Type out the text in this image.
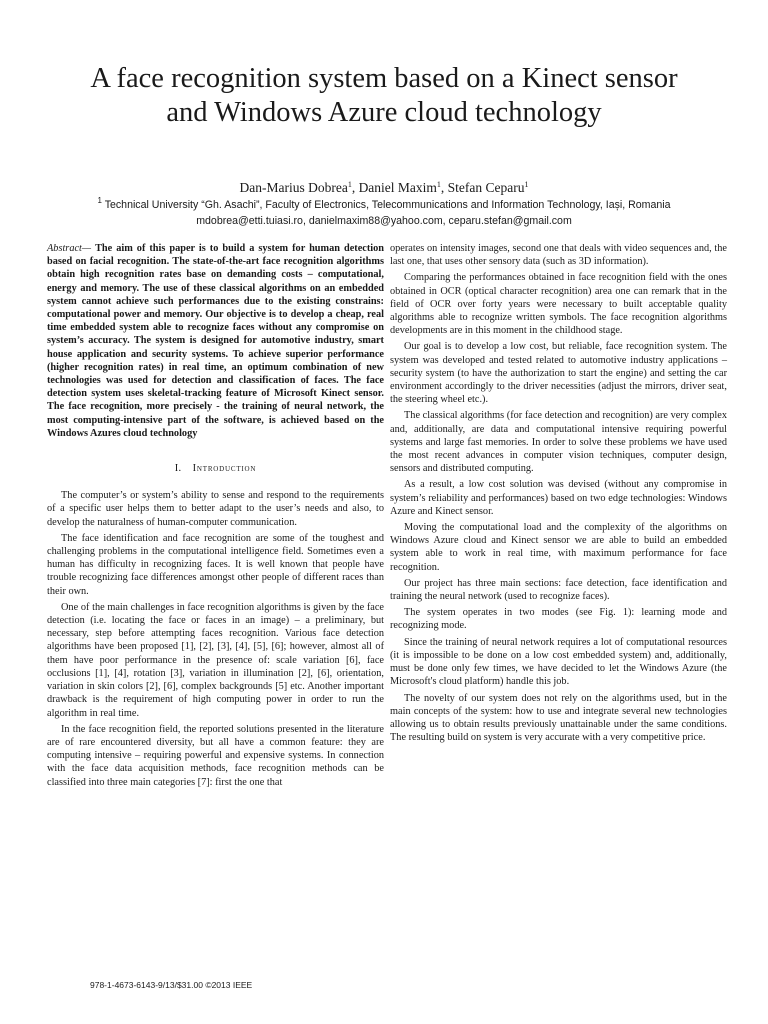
A face recognition system based on a Kinect sensor
and Windows Azure cloud technology
Dan-Marius Dobrea$^1$, Daniel Maxim$^1$, Stefan Ceparu$^1$
$^1$ Technical University “Gh. Asachi”, Faculty of Electronics, Telecommunications and Information Technology, Iași, Romania
mdobrea@etti.tuiasi.ro, danielmaxim88@yahoo.com, ceparu.stefan@gmail.com

Abstract— The aim of this paper is to build a system for human detection based on facial recognition. The state-of-the-art face recognition algorithms obtain high recognition rates base on demanding costs – computational, energy and memory. The use of these classical algorithms on an embedded system cannot achieve such performances due to the existing constrains: computational power and memory. Our objective is to develop a cheap, real time embedded system able to recognize faces without any compromise on system’s accuracy. The system is designed for automotive industry, smart house application and security systems. To achieve superior performance (higher recognition rates) in real time, an optimum combination of new technologies was used for detection and classification of faces. The face detection system uses skeletal-tracking feature of Microsoft Kinect sensor. The face recognition, more precisely - the training of neural network, the most computing-intensive part of the software, is achieved based on the Windows Azures cloud technology

I. Introduction

The computer’s or system’s ability to sense and respond to the requirements of a specific user helps them to better adapt to the user’s needs and also, to develop the naturalness of human-computer communication.

The face identification and face recognition are some of the toughest and challenging problems in the computational intelligence field. Sometimes even a human has difficulty in recognizing faces. It is well known that people have trouble recognizing face differences amongst other people of different races than their own.

One of the main challenges in face recognition algorithms is given by the face detection (i.e. locating the face or faces in an image) – a preliminary, but necessary, step before attempting faces recognition. Various face detection algorithms have been proposed [1], [2], [3], [4], [5], [6]; however, almost all of them have poor performance in the presence of: scale variation [6], face occlusions [1], [4], rotation [3], variation in illumination [2], [6], orientation, variation in skin colors [2], [6], complex backgrounds [5] etc. Another important drawback is the requirement of high computing power in order to run the algorithm in real time.

In the face recognition field, the reported solutions presented in the literature are of rare encountered diversity, but all have a common feature: they are computing intensive – requiring powerful and expensive systems. In connection with the face data acquisition methods, face recognition methods can be classified into three main categories [7]: first the one that

operates on intensity images, second one that deals with video sequences and, the last one, that uses other sensory data (such as 3D information).

Comparing the performances obtained in face recognition field with the ones obtained in OCR (optical character recognition) area one can remark that in the field of OCR over forty years were necessary to built acceptable quality algorithms able to recognize written symbols. The face recognition algorithms developments are in this moment in the childhood stage.

Our goal is to develop a low cost, but reliable, face recognition system. The system was developed and tested related to automotive industry applications – security system (to have the authorization to start the engine) and setting the car environment accordingly to the driver necessities (adjust the mirrors, driver seat, the steering wheel etc.).

The classical algorithms (for face detection and recognition) are very complex and, additionally, are data and computational intensive requiring powerful systems and large fast memories. In order to solve these problems we have used the most recent advances in computer vision techniques, computer design, sensors and distributed computing.

As a result, a low cost solution was devised (without any compromise in system’s reliability and performances) based on two edge technologies: Windows Azure and Kinect sensor.

Moving the computational load and the complexity of the algorithms on Windows Azure cloud and Kinect sensor we are able to build an embedded system able to work in real time, with maximum performance for face recognition.

Our project has three main sections: face detection, face identification and training the neural network (used to recognize faces).

The system operates in two modes (see Fig. 1): learning mode and recognizing mode.

Since the training of neural network requires a lot of computational resources (it is impossible to be done on a low cost embedded system) and, additionally, must be done only few times, we have decided to let the Windows Azure (the Microsoft's cloud platform) handle this job.

The novelty of our system does not rely on the algorithms used, but in the main concepts of the system: how to use and integrate several new technologies allowing us to obtain results previously unattainable under the same conditions. The resulting build on system is very accurate with a very competitive price.

978-1-4673-6143-9/13/$31.00 ©2013 IEEE
